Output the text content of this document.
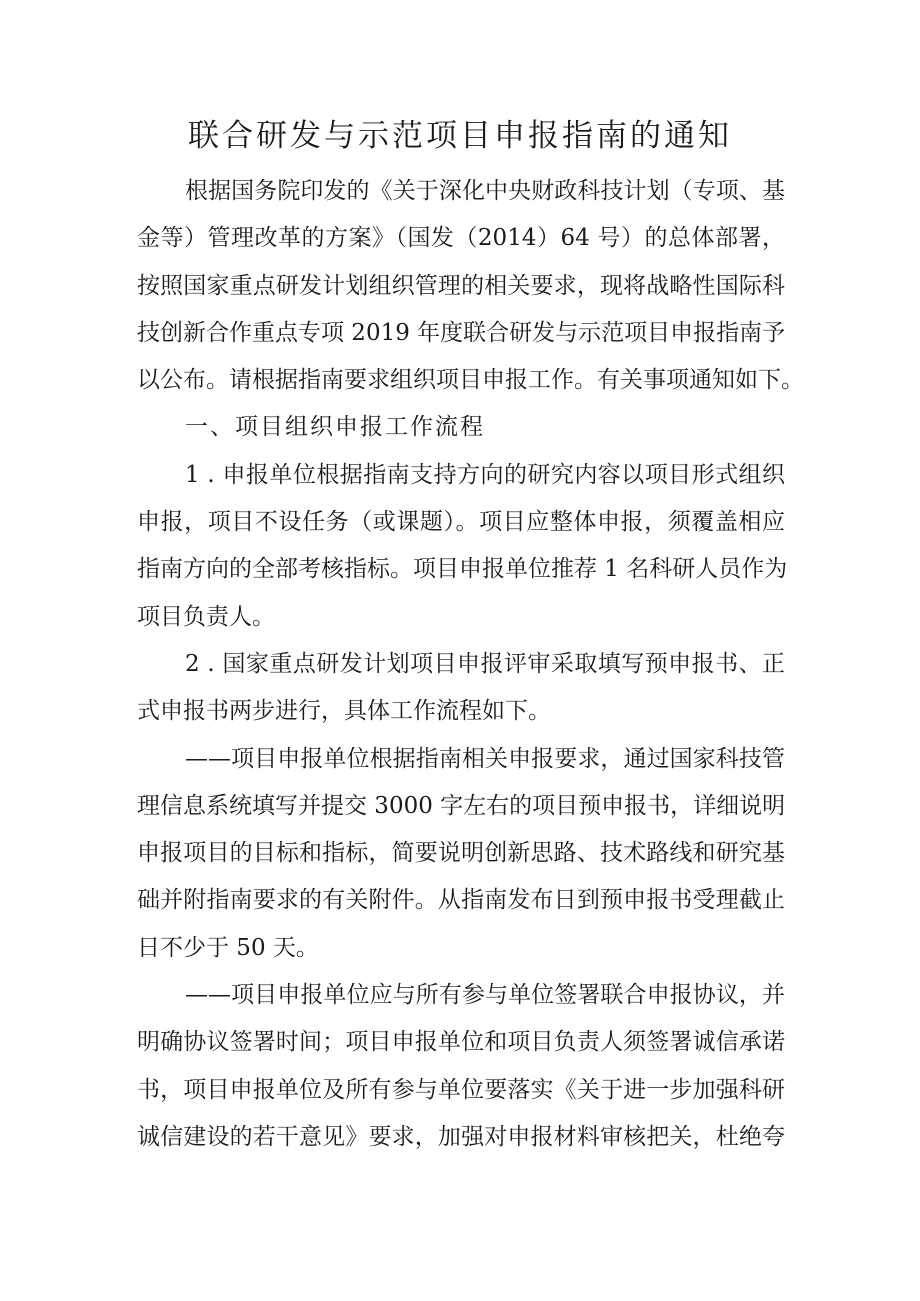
联合研发与示范项目申报指南的通知
根据国务院印发的《关于深化中央财政科技计划（专项、基
金等）管理改革的方案》（国发（2014）64 号）的总体部署，
按照国家重点研发计划组织管理的相关要求，现将战略性国际科
技创新合作重点专项 2019 年度联合研发与示范项目申报指南予
以公布。请根据指南要求组织项目申报工作。有关事项通知如下。
一、项目组织申报工作流程
1 . 申报单位根据指南支持方向的研究内容以项目形式组织
申报，项目不设任务（或课题）。项目应整体申报，须覆盖相应
指南方向的全部考核指标。项目申报单位推荐 1 名科研人员作为
项目负责人。
2 . 国家重点研发计划项目申报评审采取填写预申报书、正
式申报书两步进行，具体工作流程如下。
——项目申报单位根据指南相关申报要求，通过国家科技管
理信息系统填写并提交 3000 字左右的项目预申报书，详细说明
申报项目的目标和指标，简要说明创新思路、技术路线和研究基
础并附指南要求的有关附件。从指南发布日到预申报书受理截止
日不少于 50 天。
——项目申报单位应与所有参与单位签署联合申报协议，并
明确协议签署时间；项目申报单位和项目负责人须签署诚信承诺
书，项目申报单位及所有参与单位要落实《关于进一步加强科研
诚信建设的若干意见》要求，加强对申报材料审核把关，杜绝夸
